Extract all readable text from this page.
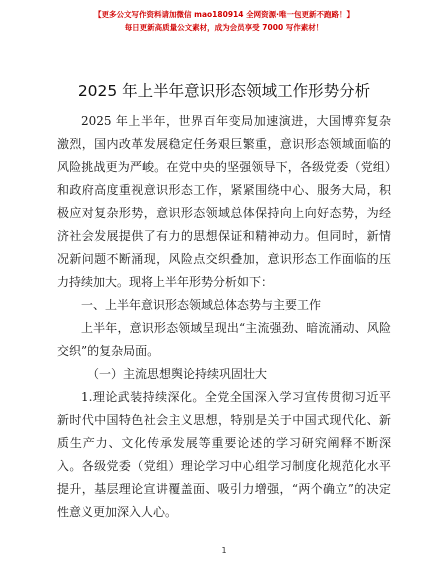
【更多公文写作资料请加微信 mao180914 全网资源·唯一包更新不跑路！】
每日更新高质量公文素材，成为会员享受 7000 写作素材！
2025 年上半年意识形态领域工作形势分析

2025 年上半年，世界百年变局加速演进，大国博弈复杂激烈，国内改革发展稳定任务艰巨繁重，意识形态领域面临的风险挑战更为严峻。在党中央的坚强领导下，各级党委（党组）和政府高度重视意识形态工作，紧紧围绕中心、服务大局，积极应对复杂形势，意识形态领域总体保持向上向好态势，为经济社会发展提供了有力的思想保证和精神动力。但同时，新情况新问题不断涌现，风险点交织叠加，意识形态工作面临的压力持续加大。现将上半年形势分析如下：

一、上半年意识形态领域总体态势与主要工作

上半年，意识形态领域呈现出“主流强劲、暗流涌动、风险交织”的复杂局面。

（一）主流思想舆论持续巩固壮大

1.理论武装持续深化。全党全国深入学习宣传贯彻习近平新时代中国特色社会主义思想，特别是关于中国式现代化、新质生产力、文化传承发展等重要论述的学习研究阐释不断深入。各级党委（党组）理论学习中心组学习制度化规范化水平提升，基层理论宣讲覆盖面、吸引力增强，“两个确立”的决定性意义更加深入人心。

1
